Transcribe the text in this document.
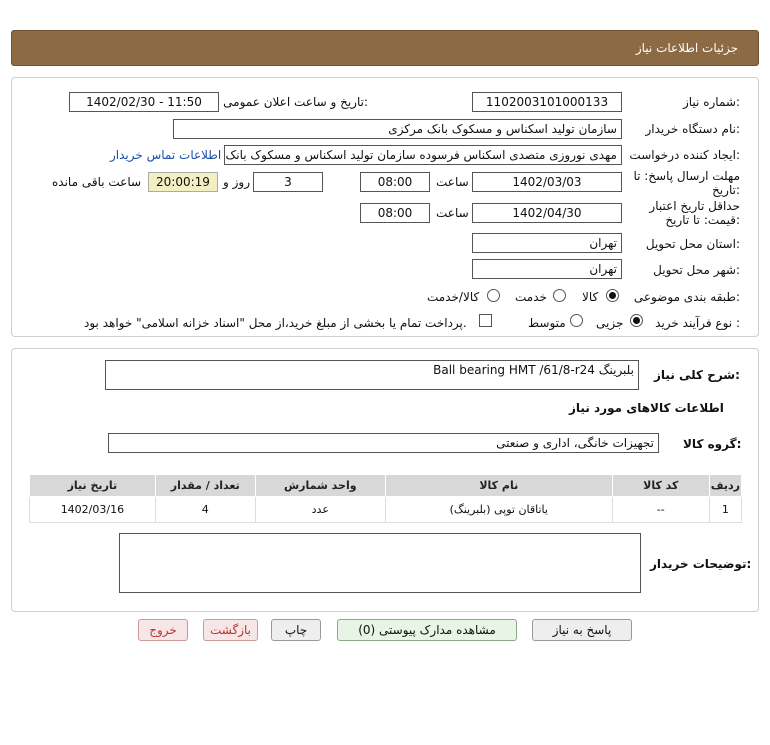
جزئیات اطلاعات نیاز
شماره نیاز:
1102003101000133
تاریخ و ساعت اعلان عمومی:
1402/02/30 - 11:50
نام دستگاه خریدار:
سازمان تولید اسکناس و مسکوک بانک مرکزی
ایجاد کننده درخواست:
مهدی نوروزی متصدی اسکناس فرسوده سازمان تولید اسکناس و مسکوک بانک
اطلاعات تماس خریدار
مهلت ارسال پاسخ: تا
تاریخ:
1402/03/03
ساعت
08:00
3
روز و
20:00:19
ساعت باقی مانده
حداقل تاریخ اعتبار
قیمت: تا تاریخ:
1402/04/30
ساعت
08:00
استان محل تحویل:
تهران
شهر محل تحویل:
تهران
طبقه بندی موضوعی:
کالا
خدمت
کالا/خدمت
نوع فرآیند خرید :
جزیی
متوسط
پرداخت تمام یا بخشی از مبلغ خرید،از محل "اسناد خزانه اسلامی" خواهد بود.
شرح کلی نیاز:
بلبرینگ Ball bearing HMT /61/8-r24
اطلاعات کالاهای مورد نیاز
گروه کالا:
تجهیزات خانگی، اداری و صنعتی
ردیف	کد کالا	نام کالا	واحد شمارش	تعداد / مقدار	تاریخ نیاز
1	--	یاتاقان توپی (بلبرینگ)	عدد	4	1402/03/16
توضیحات خریدار:
پاسخ به نیاز
مشاهده مدارک پیوستی (0)
چاپ
بازگشت
خروج
